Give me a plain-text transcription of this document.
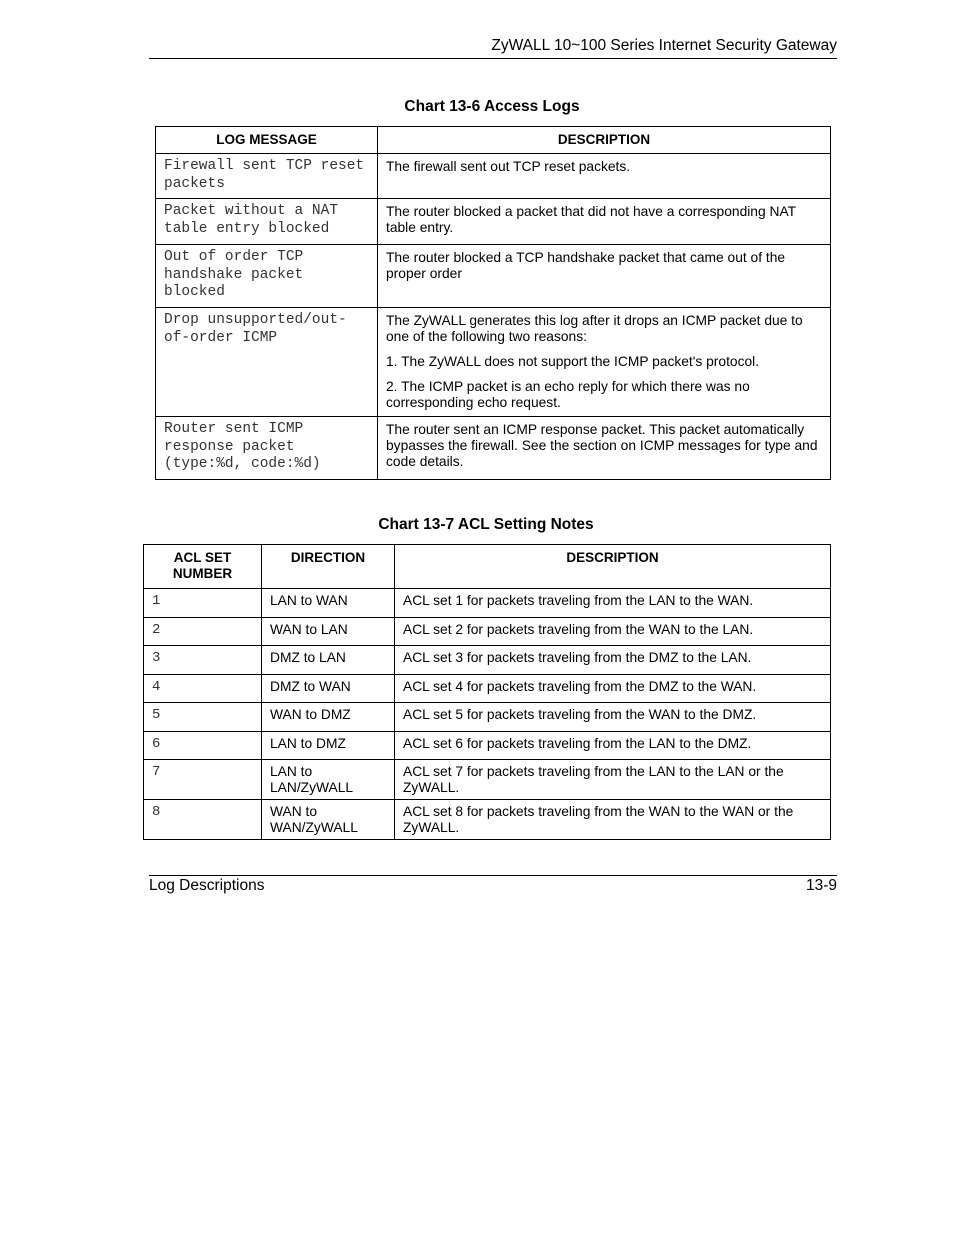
ZyWALL 10~100 Series Internet Security Gateway
Chart 13-6 Access Logs
LOG MESSAGE	DESCRIPTION
Firewall sent TCP reset packets	The firewall sent out TCP reset packets.

Packet without a NAT table entry blocked	The router blocked a packet that did not have a corresponding NAT table entry.

Out of order TCP handshake packet blocked	The router blocked a TCP handshake packet that came out of the proper order

Drop unsupported/out-of-order ICMP	The ZyWALL generates this log after it drops an ICMP packet due to one of the following two reasons:

1. The ZyWALL does not support the ICMP packet's protocol.

2. The ICMP packet is an echo reply for which there was no corresponding echo request.

Router sent ICMP response packet (type:%d, code:%d)	The router sent an ICMP response packet. This packet automatically bypasses the firewall. See the section on ICMP messages for type and code details.

Chart 13-7 ACL Setting Notes
ACL SET NUMBER	DIRECTION	DESCRIPTION
1	LAN to WAN	ACL set 1 for packets traveling from the LAN to the WAN.
2	WAN to LAN	ACL set 2 for packets traveling from the WAN to the LAN.
3	DMZ to LAN	ACL set 3 for packets traveling from the DMZ to the LAN.
4	DMZ to WAN	ACL set 4 for packets traveling from the DMZ to the WAN.
5	WAN to DMZ	ACL set 5 for packets traveling from the WAN to the DMZ.
6	LAN to DMZ	ACL set 6 for packets traveling from the LAN to the DMZ.
7	LAN to LAN/ZyWALL	ACL set 7 for packets traveling from the LAN to the LAN or the ZyWALL.
8	WAN to WAN/ZyWALL	ACL set 8 for packets traveling from the WAN to the WAN or the ZyWALL.
Log Descriptions	13-9
